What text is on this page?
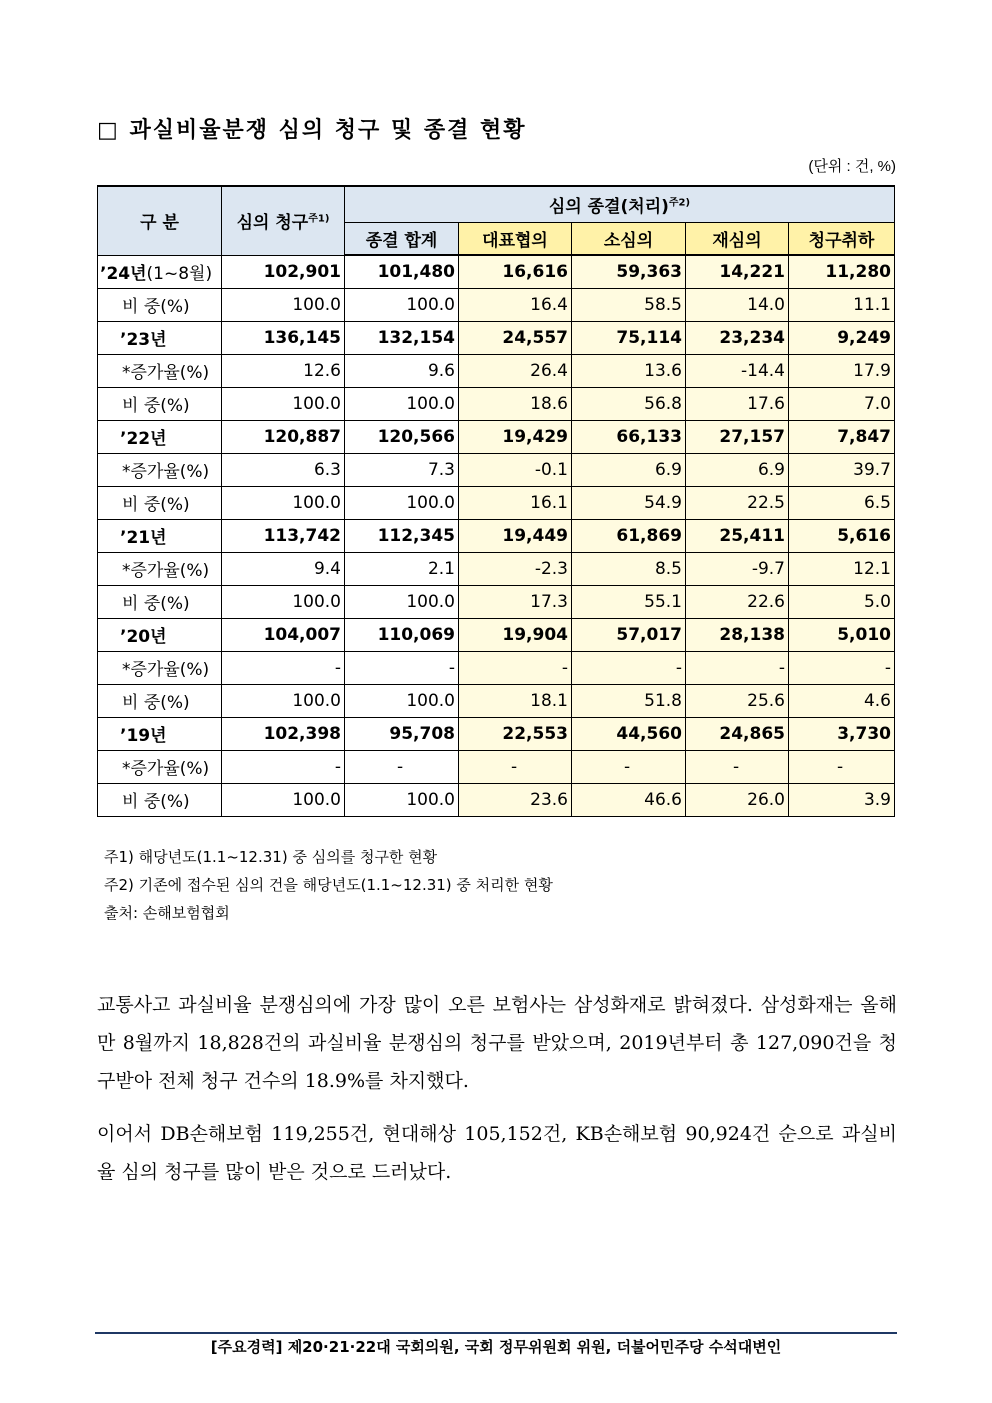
□ 과실비율분쟁 심의 청구 및 종결 현황
(단위 : 건, %)
구 분	심의 청구$^{주1)}$	심의 종결(처리)$^{주2)}$
		종결 합계	대표협의	소심의	재심의	청구취하
’24년(1~8월)	102,901	101,480	16,616	59,363	14,221	11,280
비 중(%)	100.0	100.0	16.4	58.5	14.0	11.1
’23년	136,145	132,154	24,557	75,114	23,234	9,249
*증가율(%)	12.6	9.6	26.4	13.6	-14.4	17.9
비 중(%)	100.0	100.0	18.6	56.8	17.6	7.0
’22년	120,887	120,566	19,429	66,133	27,157	7,847
*증가율(%)	6.3	7.3	-0.1	6.9	6.9	39.7
비 중(%)	100.0	100.0	16.1	54.9	22.5	6.5
’21년	113,742	112,345	19,449	61,869	25,411	5,616
*증가율(%)	9.4	2.1	-2.3	8.5	-9.7	12.1
비 중(%)	100.0	100.0	17.3	55.1	22.6	5.0
’20년	104,007	110,069	19,904	57,017	28,138	5,010
*증가율(%)	-	-	-	-	-	-
비 중(%)	100.0	100.0	18.1	51.8	25.6	4.6
’19년	102,398	95,708	22,553	44,560	24,865	3,730
*증가율(%)	-	-	-	-	-	-
비 중(%)	100.0	100.0	23.6	46.6	26.0	3.9
주1) 해당년도(1.1~12.31) 중 심의를 청구한 현황
주2) 기존에 접수된 심의 건을 해당년도(1.1~12.31) 중 처리한 현황
출처: 손해보험협회
교통사고 과실비율 분쟁심의에 가장 많이 오른 보험사는 삼성화재로 밝혀졌다. 삼성화재는 올해만 8월까지 18,828건의 과실비율 분쟁심의 청구를 받았으며, 2019년부터 총 127,090건을 청구받아 전체 청구 건수의 18.9%를 차지했다.
이어서 DB손해보험 119,255건, 현대해상 105,152건, KB손해보험 90,924건 순으로 과실비율 심의 청구를 많이 받은 것으로 드러났다.
[주요경력] 제20·21·22대 국회의원, 국회 정무위원회 위원, 더불어민주당 수석대변인
